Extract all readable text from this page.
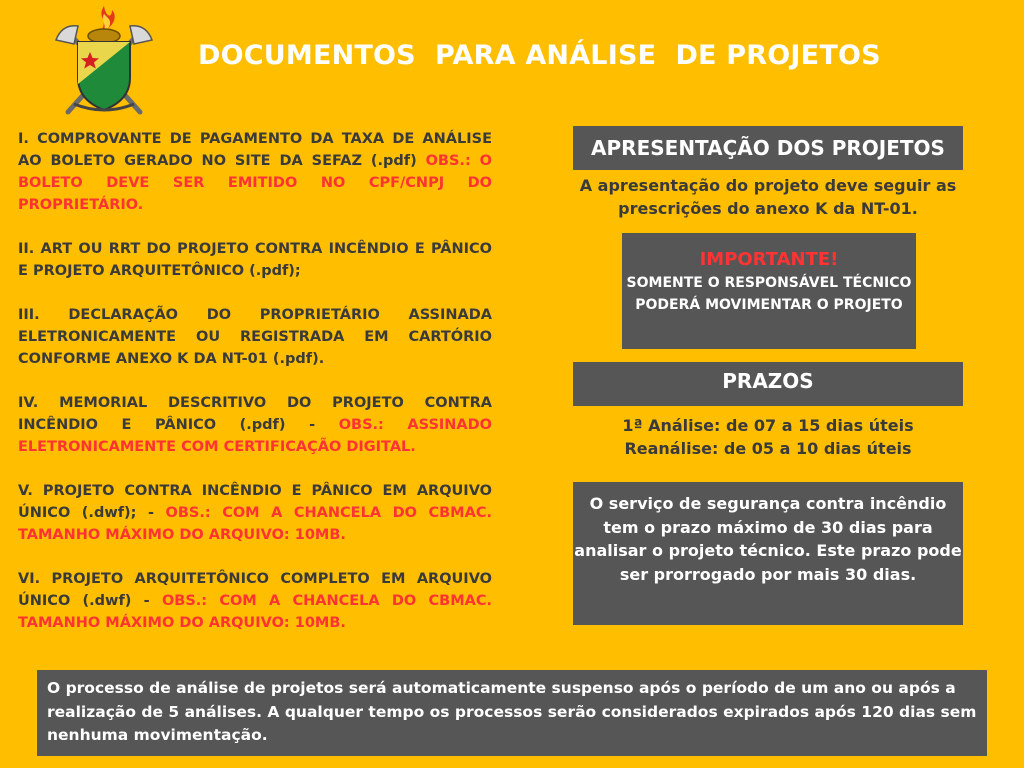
DOCUMENTOS  PARA ANÁLISE  DE PROJETOS

I. COMPROVANTE DE PAGAMENTO DA TAXA DE ANÁLISE AO BOLETO GERADO NO SITE DA SEFAZ (.pdf) OBS.: O BOLETO DEVE SER EMITIDO NO CPF/CNPJ DO PROPRIETÁRIO.

II. ART OU RRT DO PROJETO CONTRA INCÊNDIO E PÂNICO E PROJETO ARQUITETÔNICO (.pdf);

III. DECLARAÇÃO DO PROPRIETÁRIO ASSINADA ELETRONICAMENTE OU REGISTRADA EM CARTÓRIO CONFORME ANEXO K DA NT-01 (.pdf).

IV. MEMORIAL DESCRITIVO DO PROJETO CONTRA INCÊNDIO E PÂNICO (.pdf) - OBS.: ASSINADO ELETRONICAMENTE COM CERTIFICAÇÃO DIGITAL.

V. PROJETO CONTRA INCÊNDIO E PÂNICO EM ARQUIVO ÚNICO (.dwf); - OBS.: COM A CHANCELA DO CBMAC. TAMANHO MÁXIMO DO ARQUIVO: 10MB.

VI. PROJETO ARQUITETÔNICO COMPLETO EM ARQUIVO ÚNICO (.dwf) - OBS.: COM A CHANCELA DO CBMAC. TAMANHO MÁXIMO DO ARQUIVO: 10MB.

APRESENTAÇÃO DOS PROJETOS
A apresentação do projeto deve seguir as prescrições do anexo K da NT-01.
IMPORTANTE!
SOMENTE O RESPONSÁVEL TÉCNICO PODERÁ MOVIMENTAR O PROJETO
PRAZOS
1ª Análise: de 07 a 15 dias úteis
Reanálise: de 05 a 10 dias úteis
O serviço de segurança contra incêndio tem o prazo máximo de 30 dias para analisar o projeto técnico. Este prazo pode ser prorrogado por mais 30 dias.
O processo de análise de projetos será automaticamente suspenso após o período de um ano ou após a realização de 5 análises. A qualquer tempo os processos serão considerados expirados após 120 dias sem nenhuma movimentação.
